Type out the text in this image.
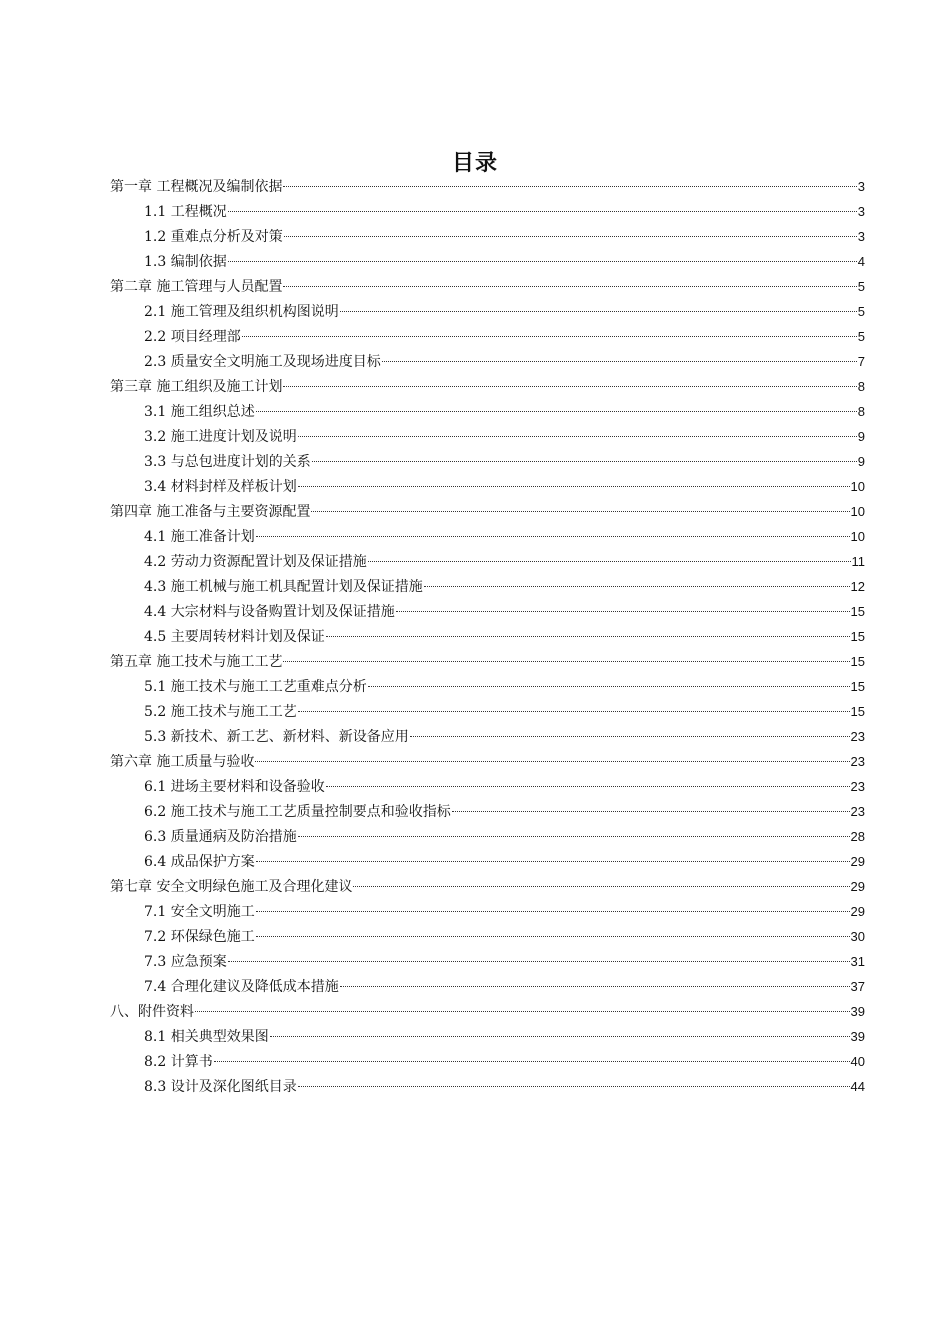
目录
第一章 工程概况及编制依据	3
1.1 工程概况	3
1.2 重难点分析及对策	3
1.3 编制依据	4
第二章 施工管理与人员配置	5
2.1 施工管理及组织机构图说明	5
2.2 项目经理部	5
2.3 质量安全文明施工及现场进度目标	7
第三章 施工组织及施工计划	8
3.1 施工组织总述	8
3.2 施工进度计划及说明	9
3.3 与总包进度计划的关系	9
3.4 材料封样及样板计划	10
第四章 施工准备与主要资源配置	10
4.1 施工准备计划	10
4.2 劳动力资源配置计划及保证措施	11
4.3 施工机械与施工机具配置计划及保证措施	12
4.4 大宗材料与设备购置计划及保证措施	15
4.5 主要周转材料计划及保证	15
第五章 施工技术与施工工艺	15
5.1 施工技术与施工工艺重难点分析	15
5.2 施工技术与施工工艺	15
5.3 新技术、新工艺、新材料、新设备应用	23
第六章 施工质量与验收	23
6.1 进场主要材料和设备验收	23
6.2 施工技术与施工工艺质量控制要点和验收指标	23
6.3 质量通病及防治措施	28
6.4 成品保护方案	29
第七章 安全文明绿色施工及合理化建议	29
7.1 安全文明施工	29
7.2 环保绿色施工	30
7.3 应急预案	31
7.4 合理化建议及降低成本措施	37
八、附件资料	39
8.1 相关典型效果图	39
8.2 计算书	40
8.3 设计及深化图纸目录	44
